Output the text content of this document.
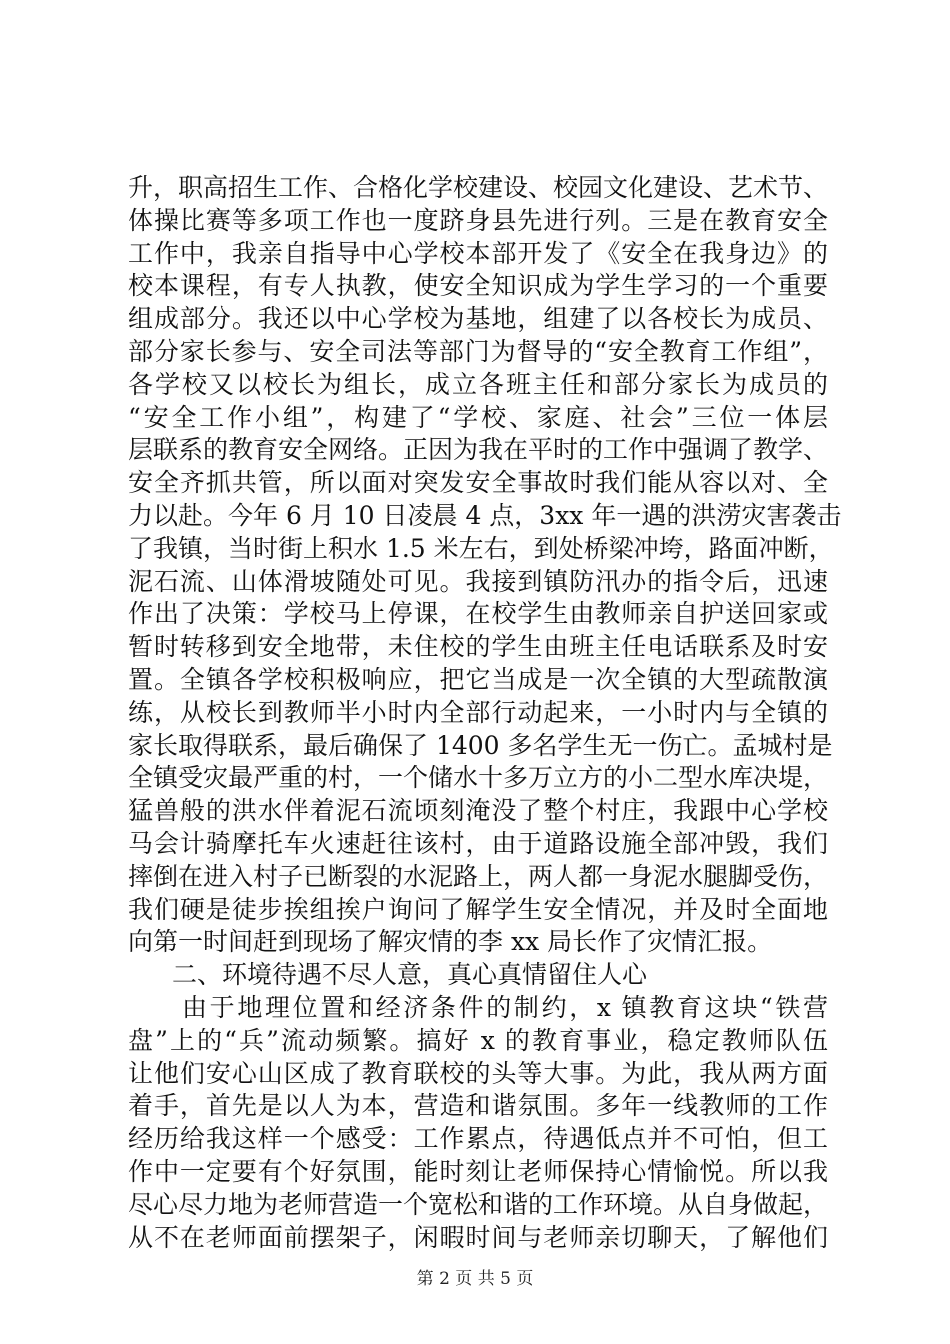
升，职高招生工作、合格化学校建设、校园文化建设、艺术节、
体操比赛等多项工作也一度跻身县先进行列。三是在教育安全
工作中，我亲自指导中心学校本部开发了《安全在我身边》的
校本课程，有专人执教，使安全知识成为学生学习的一个重要
组成部分。我还以中心学校为基地，组建了以各校长为成员、
部分家长参与、安全司法等部门为督导的“安全教育工作组”，
各学校又以校长为组长，成立各班主任和部分家长为成员的
“安全工作小组”，构建了“学校、家庭、社会”三位一体层
层联系的教育安全网络。正因为我在平时的工作中强调了教学、
安全齐抓共管，所以面对突发安全事故时我们能从容以对、全
力以赴。今年 6 月 10 日凌晨 4 点，3xx 年一遇的洪涝灾害袭击
了我镇，当时街上积水 1.5 米左右，到处桥梁冲垮，路面冲断，
泥石流、山体滑坡随处可见。我接到镇防汛办的指令后，迅速
作出了决策：学校马上停课，在校学生由教师亲自护送回家或
暂时转移到安全地带，未住校的学生由班主任电话联系及时安
置。全镇各学校积极响应，把它当成是一次全镇的大型疏散演
练，从校长到教师半小时内全部行动起来，一小时内与全镇的
家长取得联系，最后确保了 1400 多名学生无一伤亡。孟城村是
全镇受灾最严重的村，一个储水十多万立方的小二型水库决堤，
猛兽般的洪水伴着泥石流顷刻淹没了整个村庄，我跟中心学校
马会计骑摩托车火速赶往该村，由于道路设施全部冲毁，我们
摔倒在进入村子已断裂的水泥路上，两人都一身泥水腿脚受伤，
我们硬是徒步挨组挨户询问了解学生安全情况，并及时全面地
向第一时间赶到现场了解灾情的李 xx 局长作了灾情汇报。
二、环境待遇不尽人意，真心真情留住人心
由于地理位置和经济条件的制约，x 镇教育这块“铁营
盘”上的“兵”流动频繁。搞好 x 的教育事业，稳定教师队伍
让他们安心山区成了教育联校的头等大事。为此，我从两方面
着手，首先是以人为本，营造和谐氛围。多年一线教师的工作
经历给我这样一个感受：工作累点，待遇低点并不可怕，但工
作中一定要有个好氛围，能时刻让老师保持心情愉悦。所以我
尽心尽力地为老师营造一个宽松和谐的工作环境。从自身做起，
从不在老师面前摆架子，闲暇时间与老师亲切聊天，了解他们
第 2 页 共 5 页
